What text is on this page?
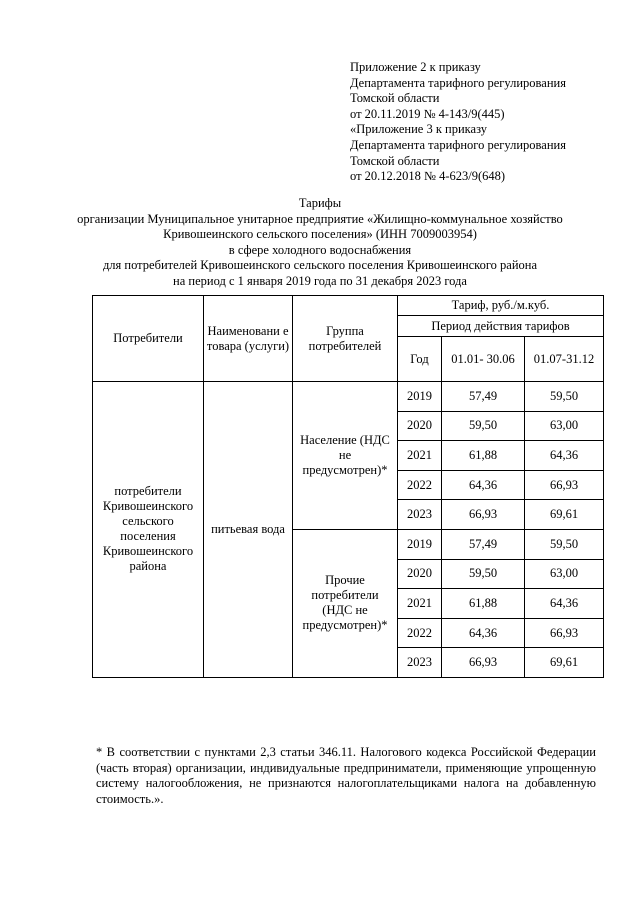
Приложение 2 к приказу
Департамента тарифного регулирования
Томской области
от 20.11.2019 № 4-143/9(445)
«Приложение 3 к приказу
Департамента тарифного регулирования
Томской области
от 20.12.2018 № 4-623/9(648)
Тарифы
организации Муниципальное унитарное предприятие «Жилищно-коммунальное хозяйство
Кривошеинского сельского поселения» (ИНН 7009003954)
в сфере холодного водоснабжения
для потребителей Кривошеинского сельского поселения Кривошеинского района
на период с 1 января 2019 года по 31 декабря 2023 года
Потребители	Наименовани е товара (услуги)	Группа потребителей	Тариф, руб./м.куб.		
			Период действия тарифов		
			Год	01.01- 30.06	01.07-31.12
потребители Кривошеинского сельского поселения Кривошеинского района	питьевая вода	Население (НДС не предусмотрен)*	2019	57,49	59,50
			2020	59,50	63,00
			2021	61,88	64,36
			2022	64,36	66,93
			2023	66,93	69,61
		Прочие потребители (НДС не предусмотрен)*	2019	57,49	59,50
			2020	59,50	63,00
			2021	61,88	64,36
			2022	64,36	66,93
			2023	66,93	69,61
* В соответствии с пунктами 2,3 статьи 346.11. Налогового кодекса Российской Федерации (часть вторая) организации, индивидуальные предприниматели, применяющие упрощенную систему налогообложения, не признаются налогоплательщиками налога на добавленную стоимость.».
